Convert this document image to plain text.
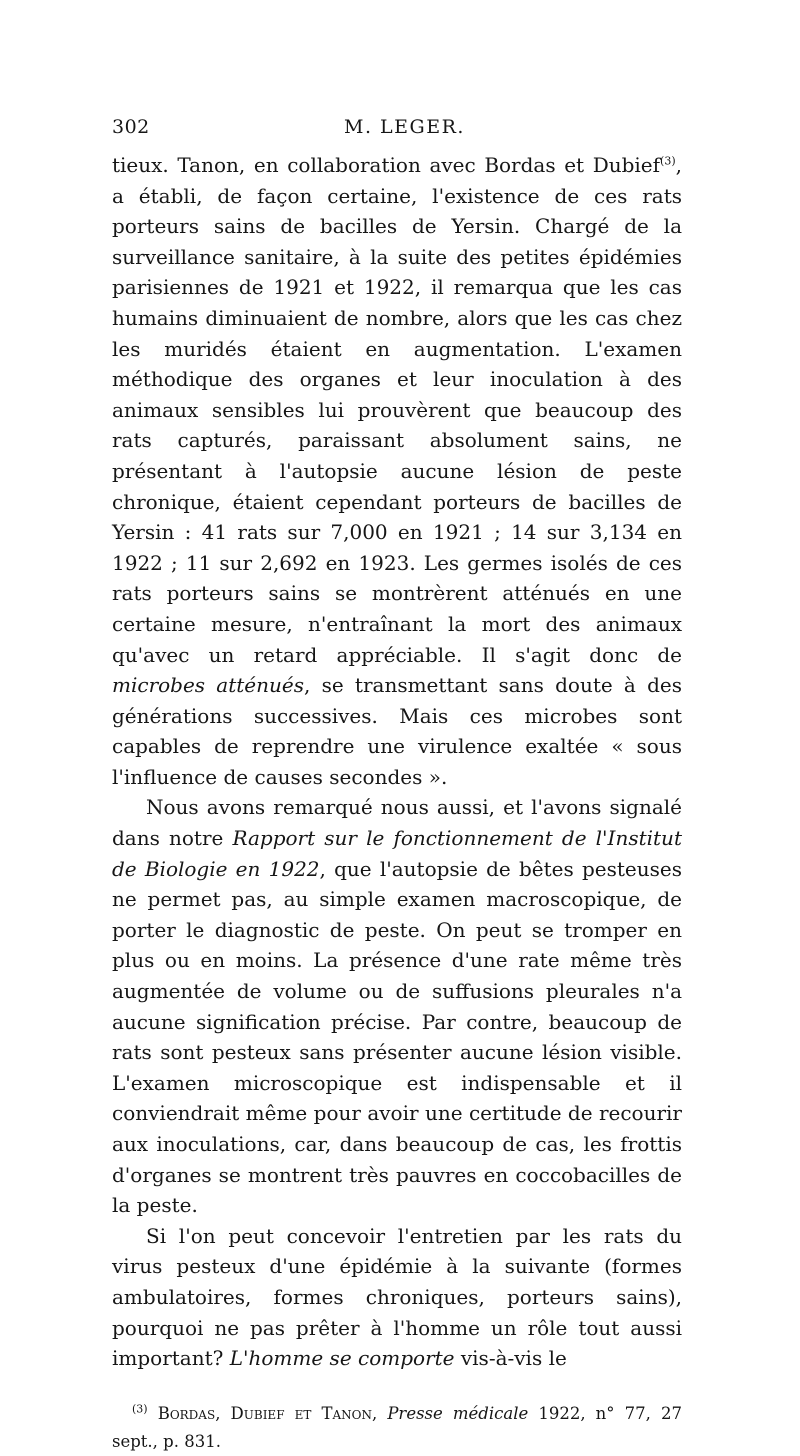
302	M. LEGER.

tieux. Tanon, en collaboration avec Bordas et Dubief$^{(3)}$, a établi, de façon certaine, l'existence de ces rats porteurs sains de bacilles de Yersin. Chargé de la surveillance sanitaire, à la suite des petites épidémies parisiennes de 1921 et 1922, il remarqua que les cas humains diminuaient de nombre, alors que les cas chez les muridés étaient en augmentation. L'examen méthodique des organes et leur inoculation à des animaux sensibles lui prouvèrent que beaucoup des rats capturés, paraissant absolument sains, ne présentant à l'autopsie aucune lésion de peste chronique, étaient cependant porteurs de bacilles de Yersin : 41 rats sur 7,000 en 1921 ; 14 sur 3,134 en 1922 ; 11 sur 2,692 en 1923. Les germes isolés de ces rats porteurs sains se montrèrent atténués en une certaine mesure, n'entraînant la mort des animaux qu'avec un retard appréciable. Il s'agit donc de microbes atténués, se transmettant sans doute à des générations successives. Mais ces microbes sont capables de reprendre une virulence exaltée « sous l'influence de causes secondes ».

Nous avons remarqué nous aussi, et l'avons signalé dans notre Rapport sur le fonctionnement de l'Institut de Biologie en 1922, que l'autopsie de bêtes pesteuses ne permet pas, au simple examen macroscopique, de porter le diagnostic de peste. On peut se tromper en plus ou en moins. La présence d'une rate même très augmentée de volume ou de suffusions pleurales n'a aucune signification précise. Par contre, beaucoup de rats sont pesteux sans présenter aucune lésion visible. L'examen microscopique est indispensable et il conviendrait même pour avoir une certitude de recourir aux inoculations, car, dans beaucoup de cas, les frottis d'organes se montrent très pauvres en coccobacilles de la peste.

Si l'on peut concevoir l'entretien par les rats du virus pesteux d'une épidémie à la suivante (formes ambulatoires, formes chroniques, porteurs sains), pourquoi ne pas prêter à l'homme un rôle tout aussi important? L'homme se comporte vis-à-vis le

$^{(3)}$ Bordas, Dubief et Tanon, Presse médicale 1922, n° 77, 27 sept., p. 831.
